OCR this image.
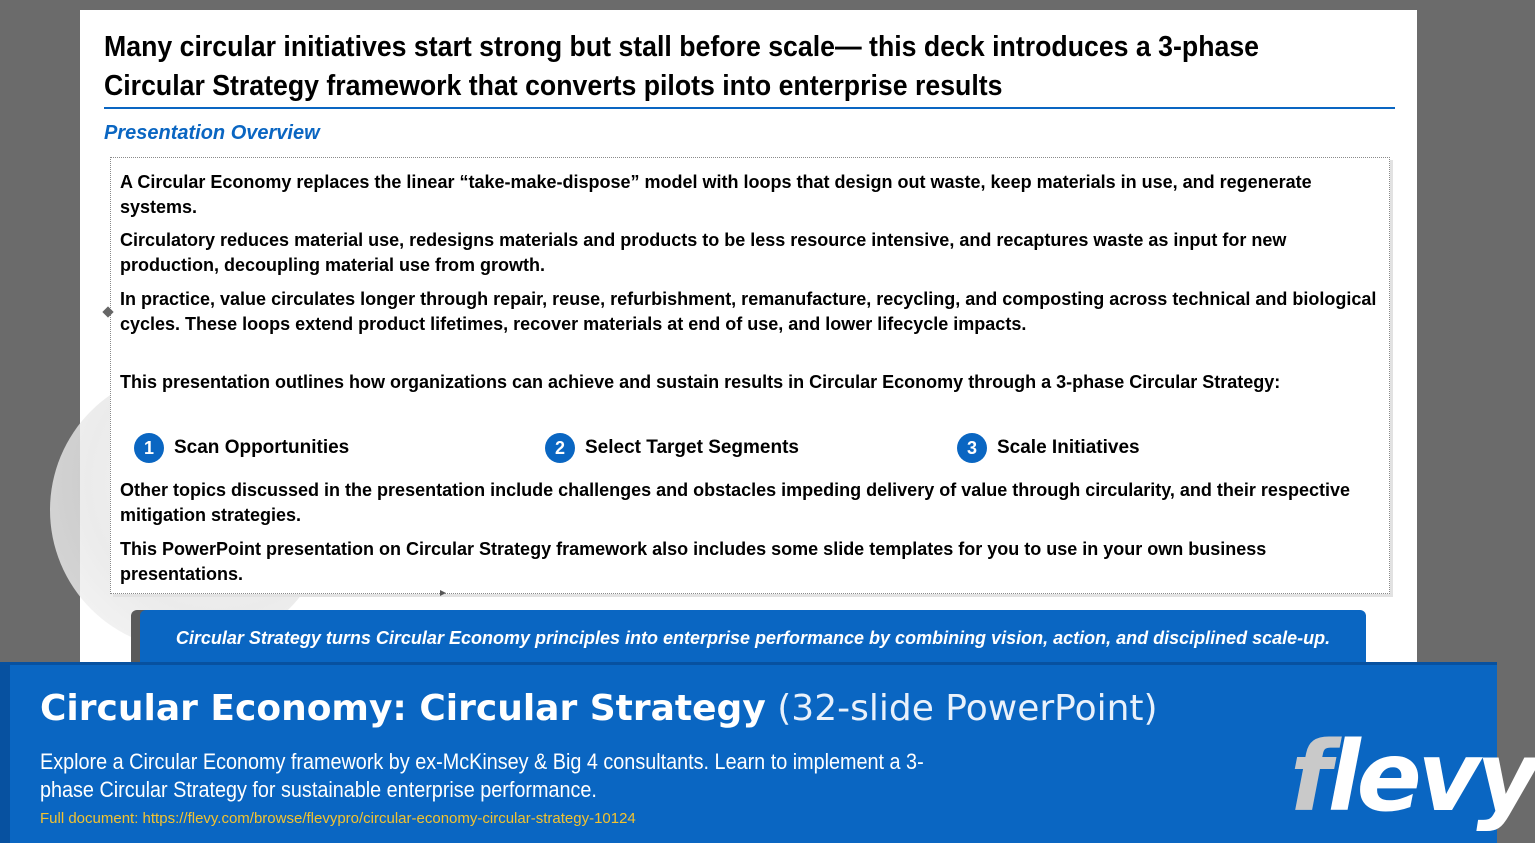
Many circular initiatives start strong but stall before scale— this deck introduces a 3-phase
Circular Strategy framework that converts pilots into enterprise results
Presentation Overview
A Circular Economy replaces the linear “take-make-dispose” model with loops that design out waste, keep materials in use, and regenerate systems.
Circulatory reduces material use, redesigns materials and products to be less resource intensive, and recaptures waste as input for new production, decoupling material use from growth.
In practice, value circulates longer through repair, reuse, refurbishment, remanufacture, recycling, and composting across technical and biological cycles. These loops extend product lifetimes, recover materials at end of use, and lower lifecycle impacts.
This presentation outlines how organizations can achieve and sustain results in Circular Economy through a 3-phase Circular Strategy:
1	Scan Opportunities	2	Select Target Segments	3	Scale Initiatives
Other topics discussed in the presentation include challenges and obstacles impeding delivery of value through circularity, and their respective mitigation strategies.
This PowerPoint presentation on Circular Strategy framework also includes some slide templates for you to use in your own business presentations.
Circular Strategy turns Circular Economy principles into enterprise performance by combining vision, action, and disciplined scale-up.
Circular Economy: Circular Strategy (32-slide PowerPoint)
Explore a Circular Economy framework by ex-McKinsey & Big 4 consultants. Learn to implement a 3-phase Circular Strategy for sustainable enterprise performance.
Full document: https://flevy.com/browse/flevypro/circular-economy-circular-strategy-10124	flevy
